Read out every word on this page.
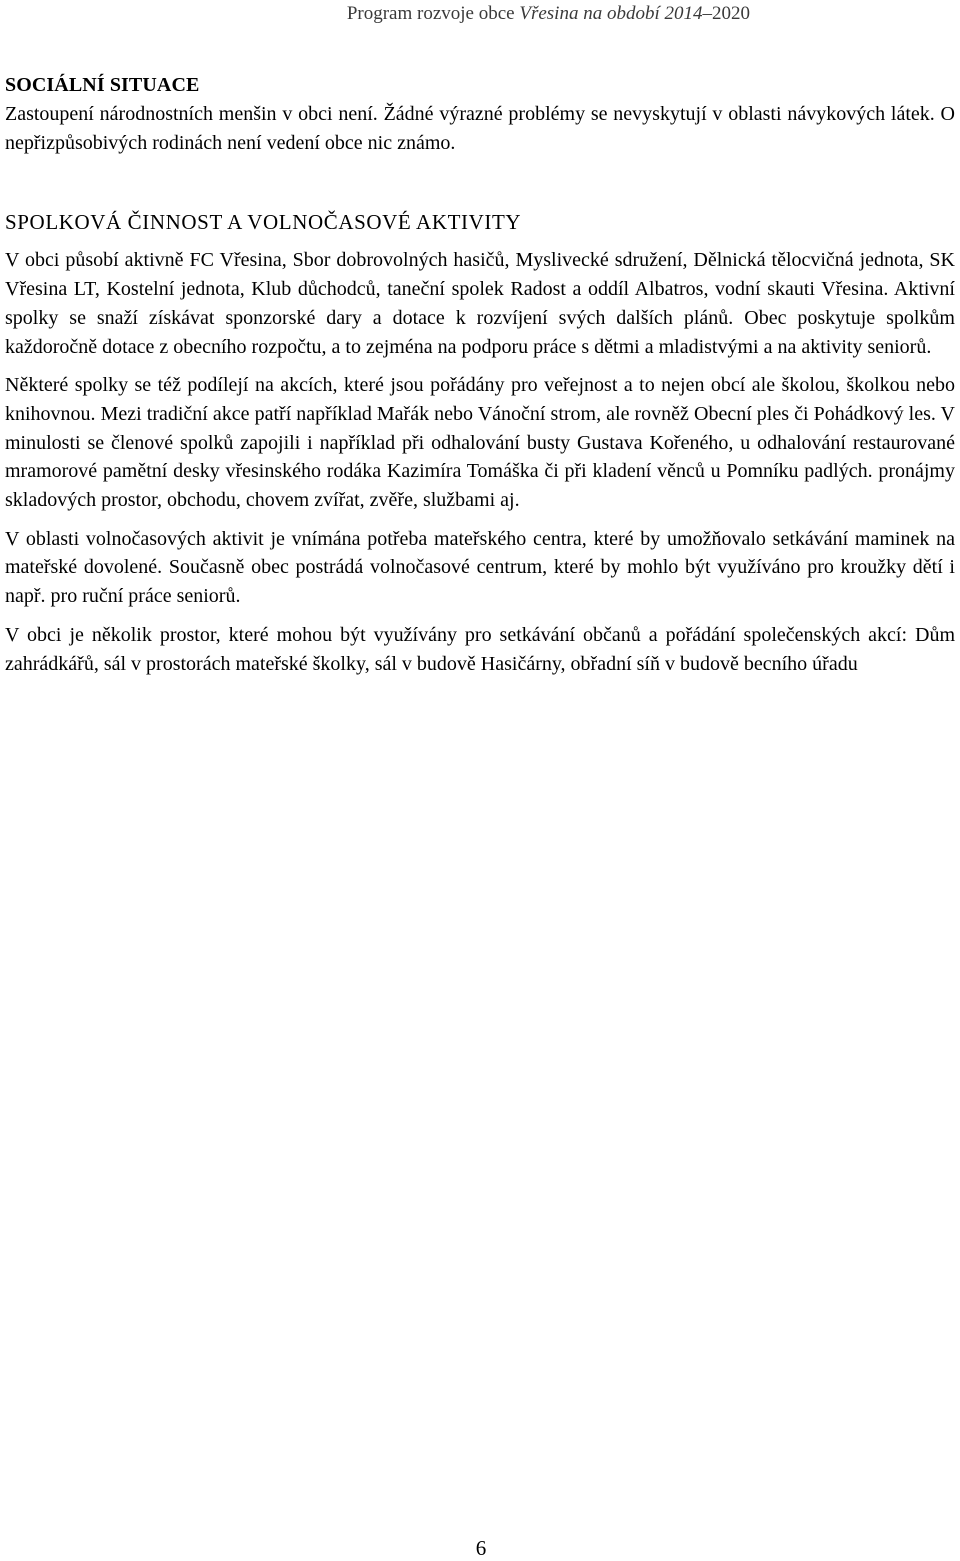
Program rozvoje obce Vřesina na období 2014–2020
SOCIÁLNÍ SITUACE

Zastoupení národnostních menšin v obci není. Žádné výrazné problémy se nevyskytují v oblasti návykových látek. O nepřizpůsobivých rodinách není vedení obce nic známo.

SPOLKOVÁ ČINNOST A VOLNOČASOVÉ AKTIVITY

V obci působí aktivně FC Vřesina, Sbor dobrovolných hasičů, Myslivecké sdružení, Dělnická tělocvičná jednota, SK Vřesina LT, Kostelní jednota, Klub důchodců, taneční spolek Radost a oddíl Albatros, vodní skauti Vřesina. Aktivní spolky se snaží získávat sponzorské dary a dotace k rozvíjení svých dalších plánů. Obec poskytuje spolkům každoročně dotace z obecního rozpočtu, a to zejména na podporu práce s dětmi a mladistvými a na aktivity seniorů.

Některé spolky se též podílejí na akcích, které jsou pořádány pro veřejnost a to nejen obcí ale školou, školkou nebo knihovnou. Mezi tradiční akce patří například Mařák nebo Vánoční strom, ale rovněž Obecní ples či Pohádkový les. V minulosti se členové spolků zapojili i například při odhalování busty Gustava Kořeného, u odhalování restaurované mramorové pamětní desky vřesinského rodáka Kazimíra Tomáška či při kladení věnců u Pomníku padlých. pronájmy skladových prostor, obchodu, chovem zvířat, zvěře, službami aj.

V oblasti volnočasových aktivit je vnímána potřeba mateřského centra, které by umožňovalo setkávání maminek na mateřské dovolené. Současně obec postrádá volnočasové centrum, které by mohlo být využíváno pro kroužky dětí i např. pro ruční práce seniorů.

V obci je několik prostor, které mohou být využívány pro setkávání občanů a pořádání společenských akcí: Dům zahrádkářů, sál v prostorách mateřské školky, sál v budově Hasičárny, obřadní síň v budově becního úřadu

6
